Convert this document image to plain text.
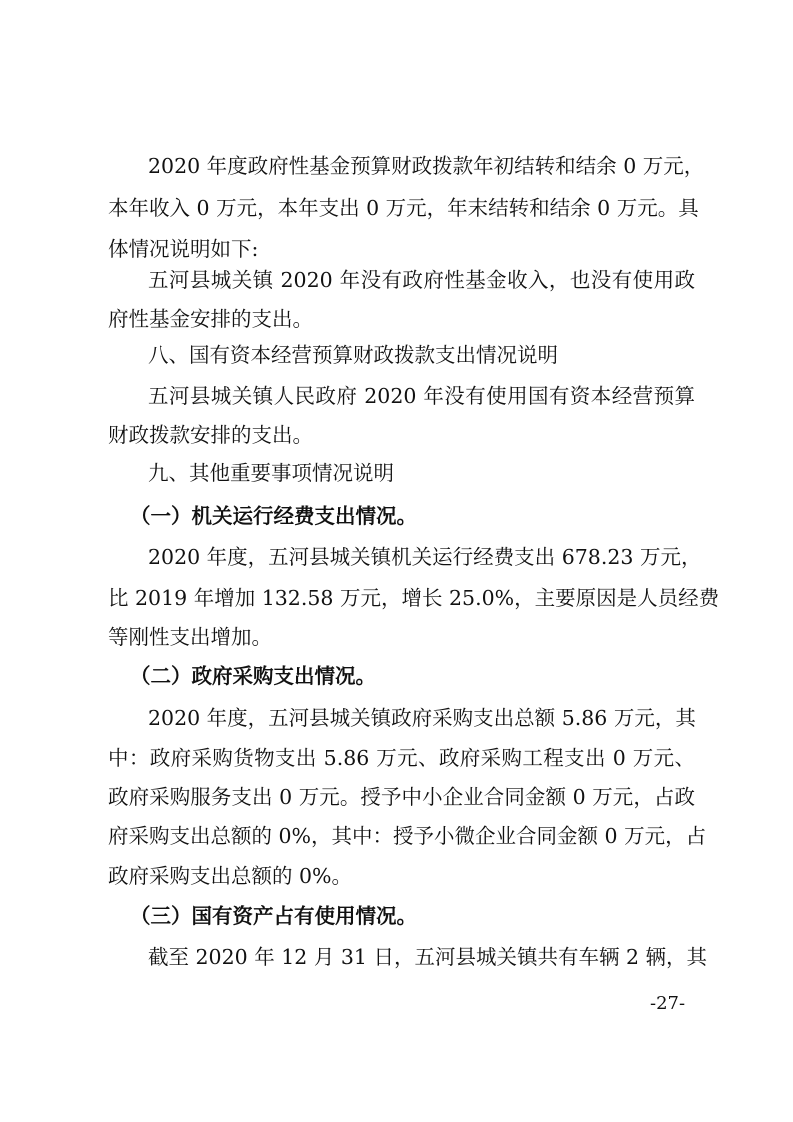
2020 年度政府性基金预算财政拨款年初结转和结余 0 万元，

本年收入 0 万元，本年支出 0 万元，年末结转和结余 0 万元。具

体情况说明如下:

五河县城关镇 2020 年没有政府性基金收入，也没有使用政

府性基金安排的支出。

八、国有资本经营预算财政拨款支出情况说明

五河县城关镇人民政府 2020 年没有使用国有资本经营预算

财政拨款安排的支出。

九、其他重要事项情况说明

（一）机关运行经费支出情况。

2020 年度，五河县城关镇机关运行经费支出 678.23 万元，

比 2019 年增加 132.58 万元，增长 25.0%，主要原因是人员经费

等刚性支出增加。

（二）政府采购支出情况。

2020 年度，五河县城关镇政府采购支出总额 5.86 万元，其

中：政府采购货物支出 5.86 万元、政府采购工程支出 0 万元、

政府采购服务支出 0 万元。授予中小企业合同金额 0 万元，占政

府采购支出总额的 0%，其中：授予小微企业合同金额 0 万元，占

政府采购支出总额的 0%。

（三）国有资产占有使用情况。

截至 2020 年 12 月 31 日，五河县城关镇共有车辆 2 辆，其

-27-
